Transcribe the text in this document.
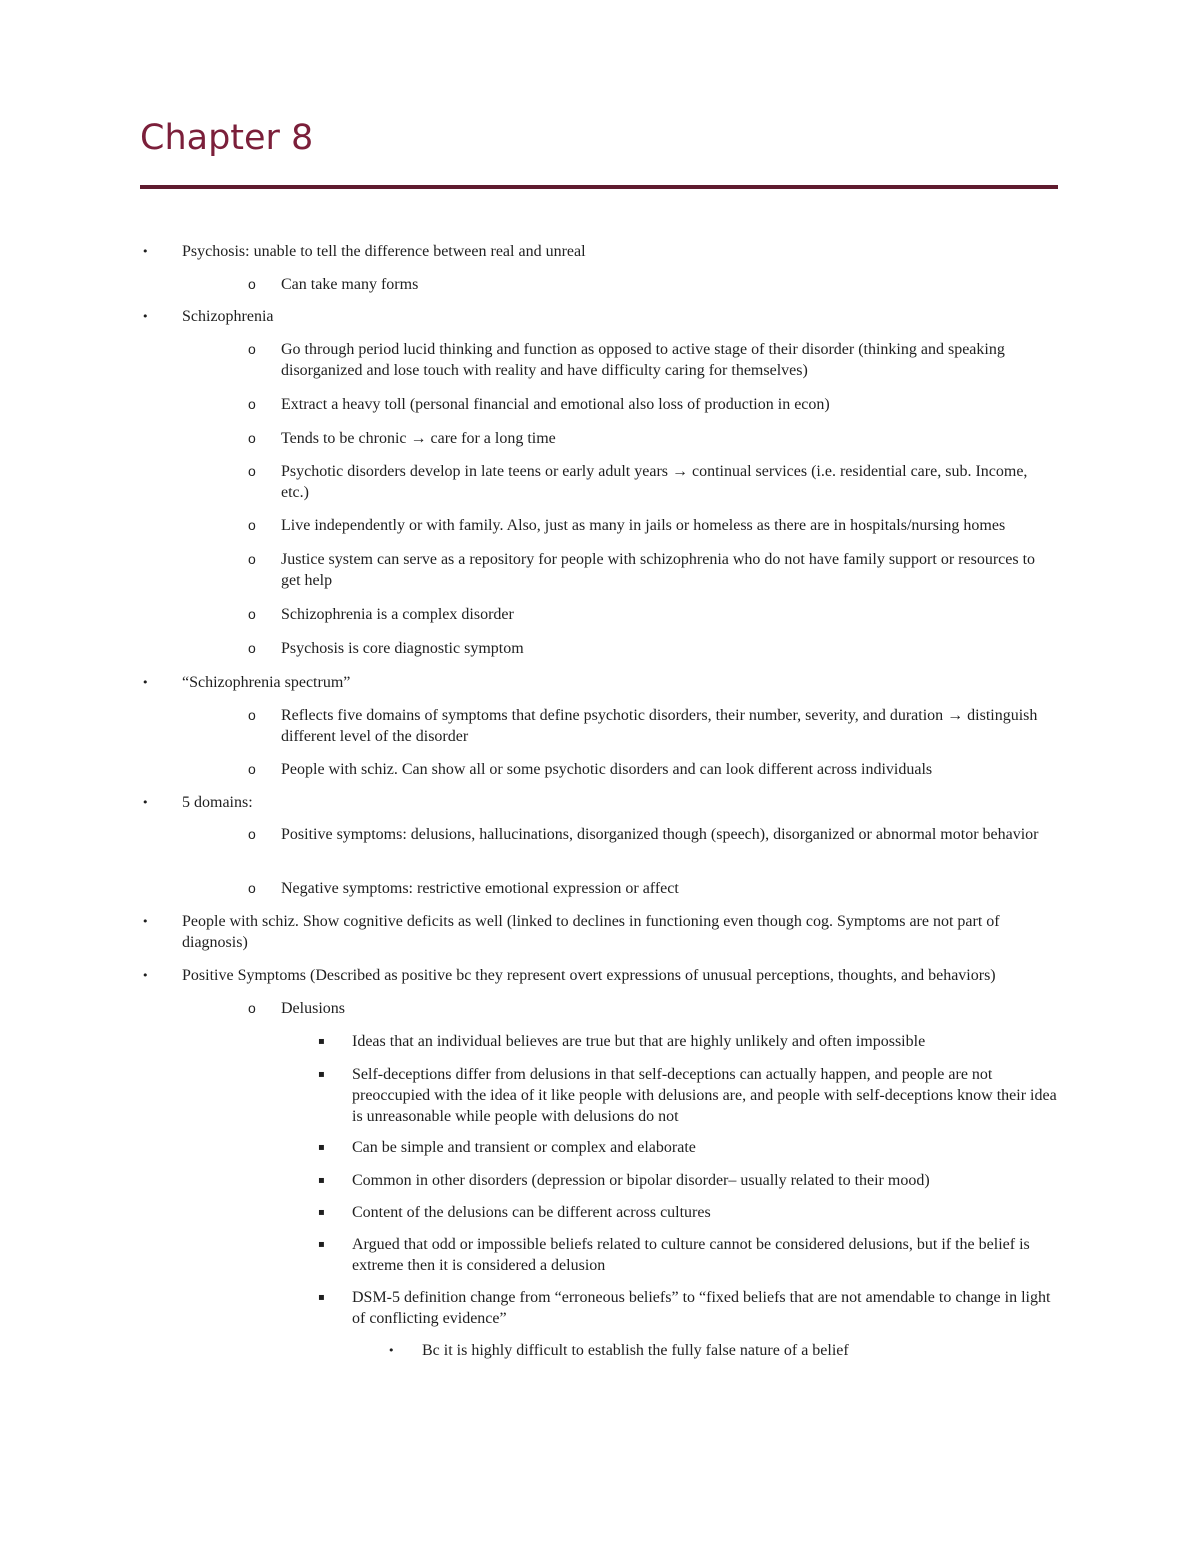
Chapter 8
• Psychosis: unable to tell the difference between real and unreal
o Can take many forms
• Schizophrenia
o Go through period lucid thinking and function as opposed to active stage of their disorder (thinking and speaking disorganized and lose touch with reality and have difficulty caring for themselves)
o Extract a heavy toll (personal financial and emotional also loss of production in econ)
o Tends to be chronic → care for a long time
o Psychotic disorders develop in late teens or early adult years → continual services (i.e. residential care, sub. Income, etc.)
o Live independently or with family. Also, just as many in jails or homeless as there are in hospitals/nursing homes
o Justice system can serve as a repository for people with schizophrenia who do not have family support or resources to get help
o Schizophrenia is a complex disorder
o Psychosis is core diagnostic symptom
• “Schizophrenia spectrum”
o Reflects five domains of symptoms that define psychotic disorders, their number, severity, and duration → distinguish different level of the disorder
o People with schiz. Can show all or some psychotic disorders and can look different across individuals
• 5 domains:
o Positive symptoms: delusions, hallucinations, disorganized though (speech), disorganized or abnormal motor behavior
o Negative symptoms: restrictive emotional expression or affect
• People with schiz. Show cognitive deficits as well (linked to declines in functioning even though cog. Symptoms are not part of diagnosis)
• Positive Symptoms (Described as positive bc they represent overt expressions of unusual perceptions, thoughts, and behaviors)
o Delusions
▪ Ideas that an individual believes are true but that are highly unlikely and often impossible
▪ Self-deceptions differ from delusions in that self-deceptions can actually happen, and people are not preoccupied with the idea of it like people with delusions are, and people with self-deceptions know their idea is unreasonable while people with delusions do not
▪ Can be simple and transient or complex and elaborate
▪ Common in other disorders (depression or bipolar disorder– usually related to their mood)
▪ Content of the delusions can be different across cultures
▪ Argued that odd or impossible beliefs related to culture cannot be considered delusions, but if the belief is extreme then it is considered a delusion
▪ DSM-5 definition change from “erroneous beliefs” to “fixed beliefs that are not amendable to change in light of conflicting evidence”
• Bc it is highly difficult to establish the fully false nature of a belief
